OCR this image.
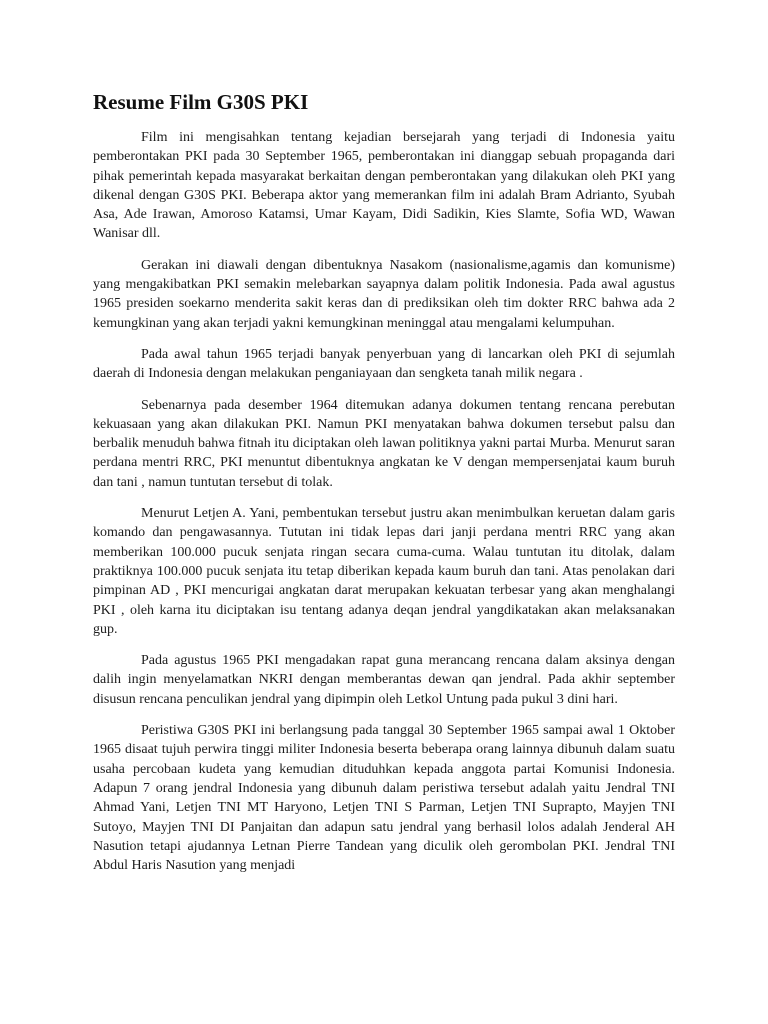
Resume Film G30S PKI

Film ini mengisahkan tentang kejadian bersejarah yang terjadi di Indonesia yaitu pemberontakan PKI pada 30 September 1965, pemberontakan ini dianggap sebuah propaganda dari pihak pemerintah kepada masyarakat berkaitan dengan pemberontakan yang dilakukan oleh PKI yang dikenal dengan G30S PKI. Beberapa aktor yang memerankan film ini adalah Bram Adrianto, Syubah Asa, Ade Irawan, Amoroso Katamsi, Umar Kayam, Didi Sadikin, Kies Slamte, Sofia WD, Wawan Wanisar dll.

Gerakan ini diawali dengan dibentuknya Nasakom (nasionalisme,agamis dan komunisme) yang mengakibatkan PKI semakin melebarkan sayapnya dalam politik Indonesia. Pada awal agustus 1965 presiden soekarno menderita sakit keras dan di prediksikan oleh tim dokter RRC bahwa ada 2 kemungkinan yang akan terjadi yakni kemungkinan meninggal atau mengalami kelumpuhan.

Pada awal tahun 1965 terjadi banyak penyerbuan yang di lancarkan oleh PKI di sejumlah daerah di Indonesia dengan melakukan penganiayaan dan sengketa tanah milik negara .

Sebenarnya pada desember 1964 ditemukan adanya dokumen tentang rencana perebutan kekuasaan yang akan dilakukan PKI. Namun PKI menyatakan bahwa dokumen tersebut palsu dan berbalik menuduh bahwa fitnah itu diciptakan oleh lawan politiknya yakni partai Murba. Menurut saran perdana mentri RRC, PKI menuntut dibentuknya angkatan ke V dengan mempersenjatai kaum buruh dan tani , namun tuntutan tersebut di tolak.

Menurut Letjen A. Yani, pembentukan tersebut justru akan menimbulkan keruetan dalam garis komando dan pengawasannya. Tututan ini tidak lepas dari janji perdana mentri RRC yang akan memberikan 100.000 pucuk senjata ringan secara cuma-cuma. Walau tuntutan itu ditolak, dalam praktiknya 100.000 pucuk senjata itu tetap diberikan kepada kaum buruh dan tani. Atas penolakan dari pimpinan AD , PKI mencurigai angkatan darat merupakan kekuatan terbesar yang akan menghalangi PKI , oleh karna itu diciptakan isu tentang adanya deqan jendral yangdikatakan akan melaksanakan gup.

Pada agustus 1965 PKI mengadakan rapat guna merancang rencana dalam aksinya dengan dalih ingin menyelamatkan NKRI dengan memberantas dewan qan jendral. Pada akhir september disusun rencana penculikan jendral yang dipimpin oleh Letkol Untung pada pukul 3 dini hari.

Peristiwa G30S PKI ini berlangsung pada tanggal 30 September 1965 sampai awal 1 Oktober 1965 disaat tujuh perwira tinggi militer Indonesia beserta beberapa orang lainnya dibunuh dalam suatu usaha percobaan kudeta yang kemudian dituduhkan kepada anggota partai Komunisi Indonesia. Adapun 7 orang jendral Indonesia yang dibunuh dalam peristiwa tersebut adalah yaitu Jendral TNI Ahmad Yani, Letjen TNI MT Haryono, Letjen TNI S Parman, Letjen TNI Suprapto, Mayjen TNI Sutoyo, Mayjen TNI DI Panjaitan dan adapun satu jendral yang berhasil lolos adalah Jenderal AH Nasution tetapi ajudannya Letnan Pierre Tandean yang diculik oleh gerombolan PKI. Jendral TNI Abdul Haris Nasution yang menjadi
